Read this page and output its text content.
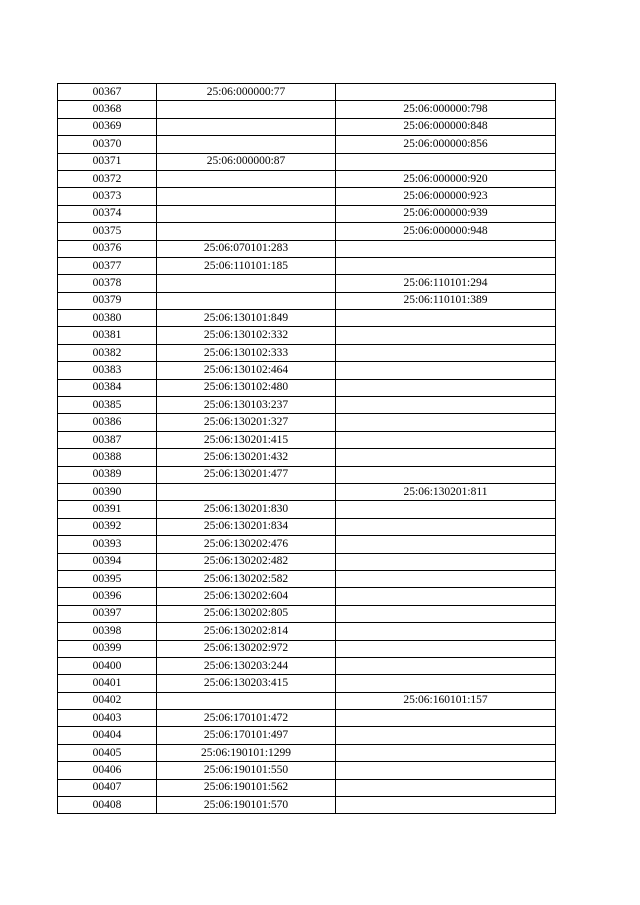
00367	25:06:000000:77	
00368		25:06:000000:798
00369		25:06:000000:848
00370		25:06:000000:856
00371	25:06:000000:87	
00372		25:06:000000:920
00373		25:06:000000:923
00374		25:06:000000:939
00375		25:06:000000:948
00376	25:06:070101:283	
00377	25:06:110101:185	
00378		25:06:110101:294
00379		25:06:110101:389
00380	25:06:130101:849	
00381	25:06:130102:332	
00382	25:06:130102:333	
00383	25:06:130102:464	
00384	25:06:130102:480	
00385	25:06:130103:237	
00386	25:06:130201:327	
00387	25:06:130201:415	
00388	25:06:130201:432	
00389	25:06:130201:477	
00390		25:06:130201:811
00391	25:06:130201:830	
00392	25:06:130201:834	
00393	25:06:130202:476	
00394	25:06:130202:482	
00395	25:06:130202:582	
00396	25:06:130202:604	
00397	25:06:130202:805	
00398	25:06:130202:814	
00399	25:06:130202:972	
00400	25:06:130203:244	
00401	25:06:130203:415	
00402		25:06:160101:157
00403	25:06:170101:472	
00404	25:06:170101:497	
00405	25:06:190101:1299	
00406	25:06:190101:550	
00407	25:06:190101:562	
00408	25:06:190101:570	
